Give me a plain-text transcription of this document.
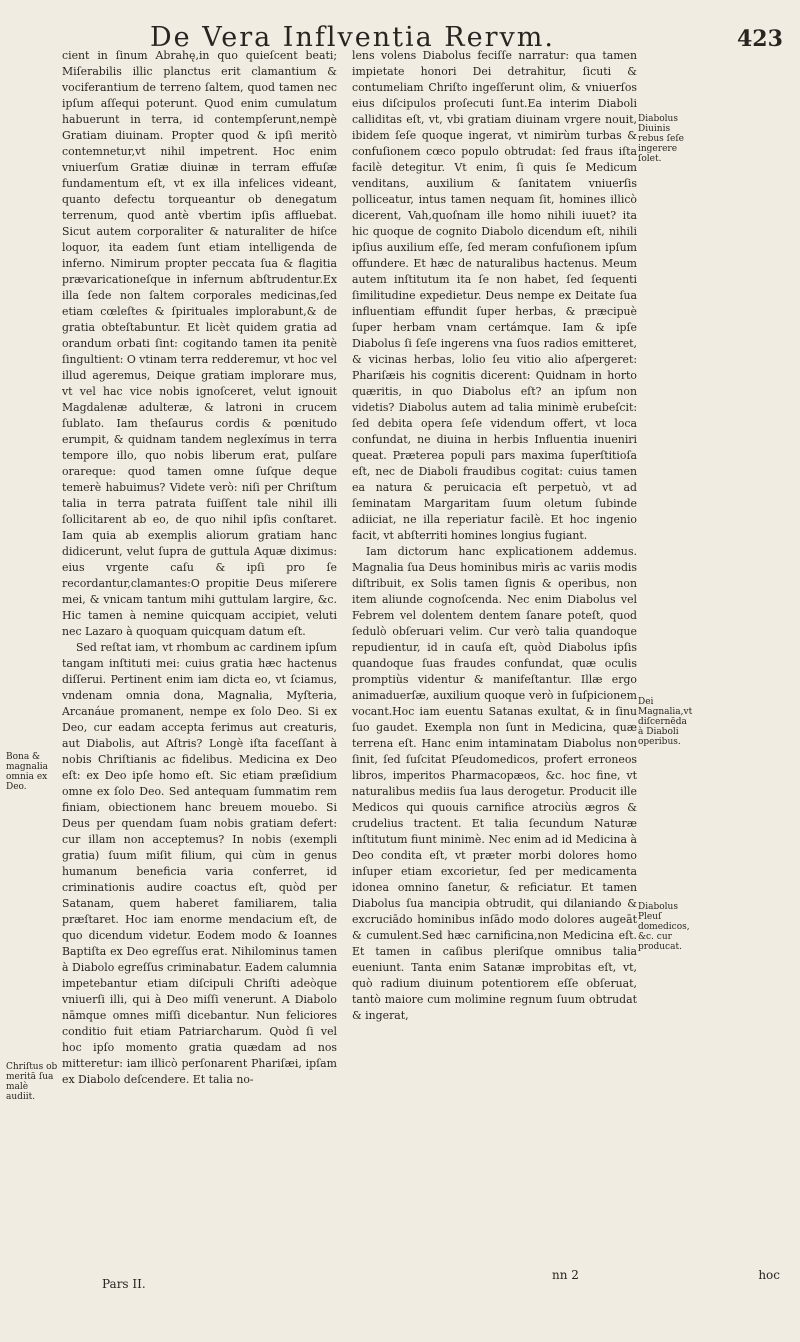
De Vera Inflventia Rervm.	423

cient in ſinum Abrahę,in quo quieſcent beati; Miſerabilis illic planctus erit clamantium & vociferantium de terreno ſaltem, quod tamen nec ipſum aſſequi poterunt. Quod enim cumulatum habuerunt in terra, id contempſerunt,nempè Gratiam diuinam. Propter quod & ipſi meritò contemnetur,vt nihil impetrent. Hoc enim vniuerſum Gratiæ diuinæ in terram effuſæ fundamentum eſt, vt ex illa infelices videant, quanto defectu torqueantur ob denegatum terrenum, quod antè vbertim ipſis affluebat. Sicut autem corporaliter & naturaliter de hiſce loquor, ita eadem ſunt etiam intelligenda de inferno. Nimirum propter peccata ſua & flagitia prævaricationeſque in infernum abſtrudentur.Ex illa ſede non ſaltem corporales medicinas,ſed etiam cœleſtes & ſpirituales implorabunt,& de gratia obteſtabuntur. Et licèt quidem gratia ad orandum orbati ſint: cogitando tamen ita penitè ſingultient: O vtinam terra redderemur, vt hoc vel illud ageremus, Deique gratiam implorare mus, vt vel hac vice nobis ignoſceret, velut ignouit Magdalenæ adulteræ, & latroni in crucem ſublato. Iam theſaurus cordis & pœnitudo erumpit, & quidnam tandem neglexímus in terra tempore illo, quo nobis liberum erat, pulſare orareque: quod tamen omne ſuſque deque temerè habuimus? Videte verò: niſi per Chriſtum talia in terra patrata fuiſſent tale nihil illi ſollicitarent ab eo, de quo nihil ipſis conſtaret. Iam quia ab exemplis aliorum gratiam hanc didicerunt, velut ſupra de guttula Aquæ diximus: eius vrgente caſu & ipſi pro ſe recordantur,clamantes:O propitie Deus miſerere mei, & vnicam tantum mihi guttulam largire, &c. Hic tamen à nemine quicquam accipiet, veluti nec Lazaro à quoquam quicquam datum eſt.

Sed reſtat iam, vt rhombum ac cardinem ipſum tangam inſtituti mei: cuius gratia hæc hactenus diſſerui. Pertinent enim iam dicta eo, vt ſciamus, vndenam omnia dona, Magnalia, Myſteria, Arcanáue promanent, nempe ex ſolo Deo. Si ex Deo, cur eadam accepta ferimus aut creaturis, aut Diabolis, aut Aſtris? Longè iſta faceſſant à nobis Chriſtianis ac fidelibus. Medicina ex Deo eſt: ex Deo ipſe homo eſt. Sic etiam præſidium omne ex ſolo Deo. Sed antequam ſummatim rem finiam, obiectionem hanc breuem mouebo. Si Deus per quendam ſuam nobis gratiam defert: cur illam non acceptemus? In nobis (exempli gratia) ſuum miſit filium, qui cùm in genus humanum beneficia varia conferret, id criminationis audire coactus eſt, quòd per Satanam, quem haberet familiarem, talia præſtaret. Hoc iam enorme mendacium eſt, de quo dicendum videtur. Eodem modo & Ioannes Baptiſta ex Deo egreſſus erat. Nihilominus tamen à Diabolo egreſſus criminabatur. Eadem calumnia impetebantur etiam diſcipuli Chriſti adeòque vniuerſi illi, qui à Deo miſſi venerunt. A Diabolo nāmque omnes miſſi dicebantur. Nun feliciores conditio fuit etiam Patriarcharum. Quòd ſi vel hoc ipſo momento gratia quædam ad nos mitteretur: iam illicò perſonarent Phariſæi, ipſam ex Diabolo deſcendere. Et talia no-

lens volens Diabolus feciſſe narratur: qua tamen impietate honori Dei detrahitur, ſicuti & contumeliam Chriſto ingeſſerunt olim, & vniuerſos eius diſcipulos proſecuti ſunt.Ea interim Diaboli calliditas eſt, vt, vbi gratiam diuinam vrgere nouit, ibidem ſeſe quoque ingerat, vt nimirùm turbas & confuſionem cœco populo obtrudat: ſed fraus iſta facilè detegitur. Vt enim, ſi quis ſe Medicum venditans, auxilium & ſanitatem vniuerſis polliceatur, intus tamen nequam ſit, homines illicò dicerent, Vah,quoſnam ille homo nihili iuuet? ita hic quoque de cognito Diabolo dicendum eſt, nihili ipſius auxilium eſſe, ſed meram confuſionem ipſum offundere. Et hæc de naturalibus hactenus. Meum autem inſtitutum ita ſe non habet, ſed ſequenti ſimilitudine expedietur. Deus nempe ex Deitate ſua influentiam effundit ſuper herbas, & præcipuè ſuper herbam vnam certámque. Iam & ipſe Diabolus ſi ſeſe ingerens vna ſuos radios emitteret, & vicinas herbas, lolio ſeu vitio alio aſpergeret: Phariſæis his cognitis dicerent: Quidnam in horto quæritis, in quo Diabolus eſt? an ipſum non videtis? Diabolus autem ad talia minimè erubeſcit: ſed debita opera ſeſe videndum offert, vt loca confundat, ne diuina in herbis Influentia inueniri queat. Præterea populi pars maxima ſuperſtitioſa eſt, nec de Diaboli fraudibus cogitat: cuius tamen ea natura & peruicacia eſt perpetuò, vt ad ſeminatam Margaritam ſuum oletum ſubinde adiiciat, ne illa reperiatur facilè. Et hoc ingenio facit, vt abſterriti homines longius fugiant.

Iam dictorum hanc explicationem addemus. Magnalia ſua Deus hominibus mirìs ac variis modis diſtribuit, ex Solis tamen ſignis & operibus, non item aliunde cognoſcenda. Nec enim Diabolus vel Febrem vel dolentem dentem ſanare poteſt, quod ſedulò obſeruari velim. Cur verò talia quandoque repudientur, id in cauſa eſt, quòd Diabolus ipſis quandoque ſuas fraudes confundat, quæ oculis promptiùs videntur & manifeſtantur. Illæ ergo animaduerſæ, auxilium quoque verò in ſuſpicionem vocant.Hoc iam euentu Satanas exultat, & in ſinu ſuo gaudet. Exempla non ſunt in Medicina, quæ terrena eſt. Hanc enim intaminatam Diabolus non ſinit, ſed ſuſcitat Pſeudomedicos, profert erroneos libros, imperitos Pharmacopæos, &c. hoc fine, vt naturalibus mediis ſua laus derogetur. Producit ille Medicos qui quouis carnifice atrociùs ægros & crudelius tractent. Et talia ſecundum Naturæ inſtitutum fiunt minimè. Nec enim ad id Medicina à Deo condita eſt, vt præter morbi dolores homo inſuper etiam excorietur, ſed per medicamenta idonea omnino ſanetur, & reficiatur. Et tamen Diabolus ſua mancipia obtrudit, qui dilaniando & excruciādo hominibus inſādo modo dolores augeāt & cumulent.Sed hæc carnificina,non Medicina eſt. Et tamen in caſibus pleriſque omnibus talia eueniunt. Tanta enim Satanæ improbitas eſt, vt, quò radium diuinum potentiorem eſſe obſeruat, tantò maiore cum molimine regnum ſuum obtrudat & ingerat,

Bona & magnalia omnia ex Deo.
Chriſtus ob meritā ſua malè audiit.
Diabolus Diuinis rebus ſeſe ingerere ſolet.
Dei Magnalia,vt diſcernēda à Diaboli operibus.
Diabolus Pleuſ domedicos, &c. cur producat.
Pars II.
nn 2	hoc
